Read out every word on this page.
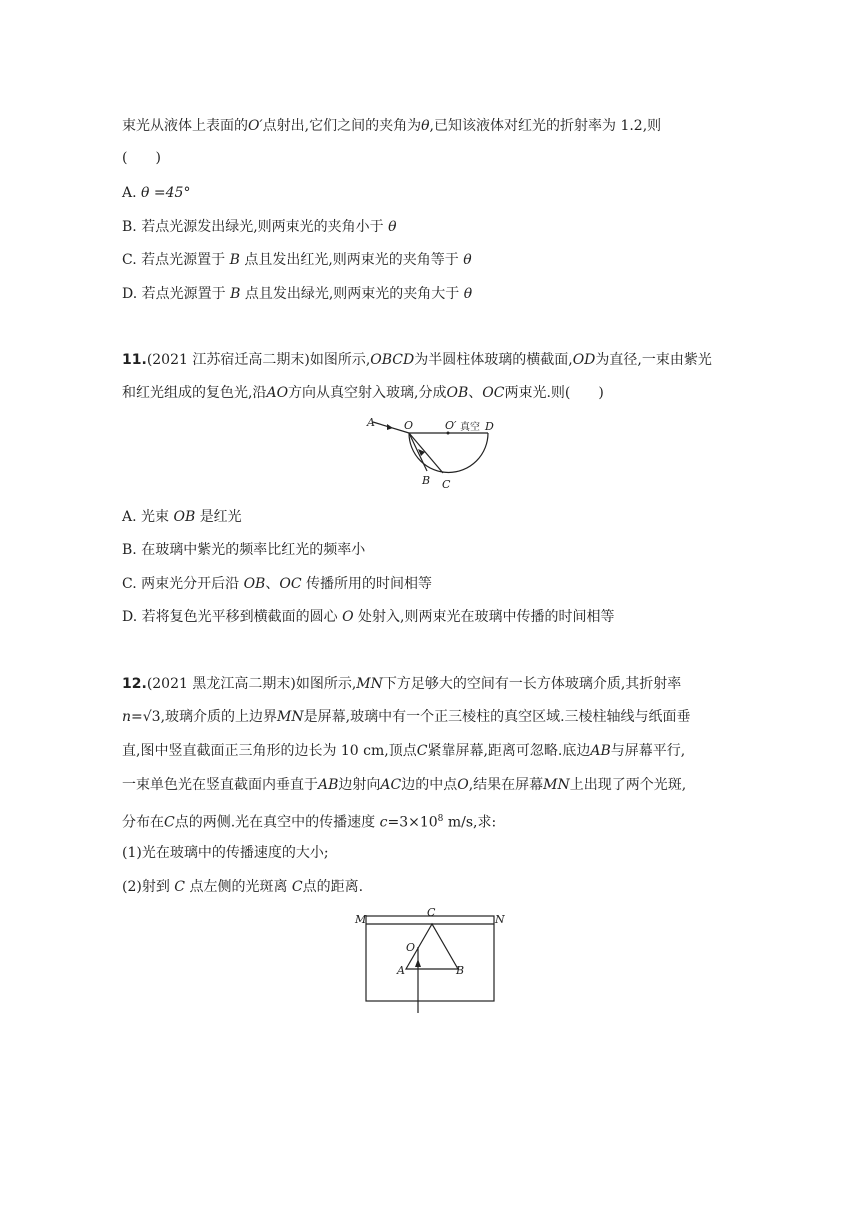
束光从液体上表面的O′点射出,它们之间的夹角为θ,已知该液体对红光的折射率为 1.2,则
(　　)
A. θ =45°
B. 若点光源发出绿光,则两束光的夹角小于 θ
C. 若点光源置于 B 点且发出红光,则两束光的夹角等于 θ
D. 若点光源置于 B 点且发出绿光,则两束光的夹角大于 θ
11.(2021 江苏宿迁高二期末)如图所示,OBCD为半圆柱体玻璃的横截面,OD为直径,一束由紫光
和红光组成的复色光,沿AO方向从真空射入玻璃,分成OB、OC两束光.则(　　)
A	O	O′ 真空 D
B C
A. 光束 OB 是红光
B. 在玻璃中紫光的频率比红光的频率小
C. 两束光分开后沿 OB、OC 传播所用的时间相等
D. 若将复色光平移到横截面的圆心 O 处射入,则两束光在玻璃中传播的时间相等
12.(2021 黑龙江高二期末)如图所示,MN下方足够大的空间有一长方体玻璃介质,其折射率
n=√3,玻璃介质的上边界MN是屏幕,玻璃中有一个正三棱柱的真空区域.三棱柱轴线与纸面垂
直,图中竖直截面正三角形的边长为 10 cm,顶点C紧靠屏幕,距离可忽略.底边AB与屏幕平行,
一束单色光在竖直截面内垂直于AB边射向AC边的中点O,结果在屏幕MN上出现了两个光斑,
分布在C点的两侧.光在真空中的传播速度 $c=3\times 10^8$ m/s,求:
(1)光在玻璃中的传播速度的大小;
(2)射到 C 点左侧的光斑离 C点的距离.
M
C
N
O
A	B
